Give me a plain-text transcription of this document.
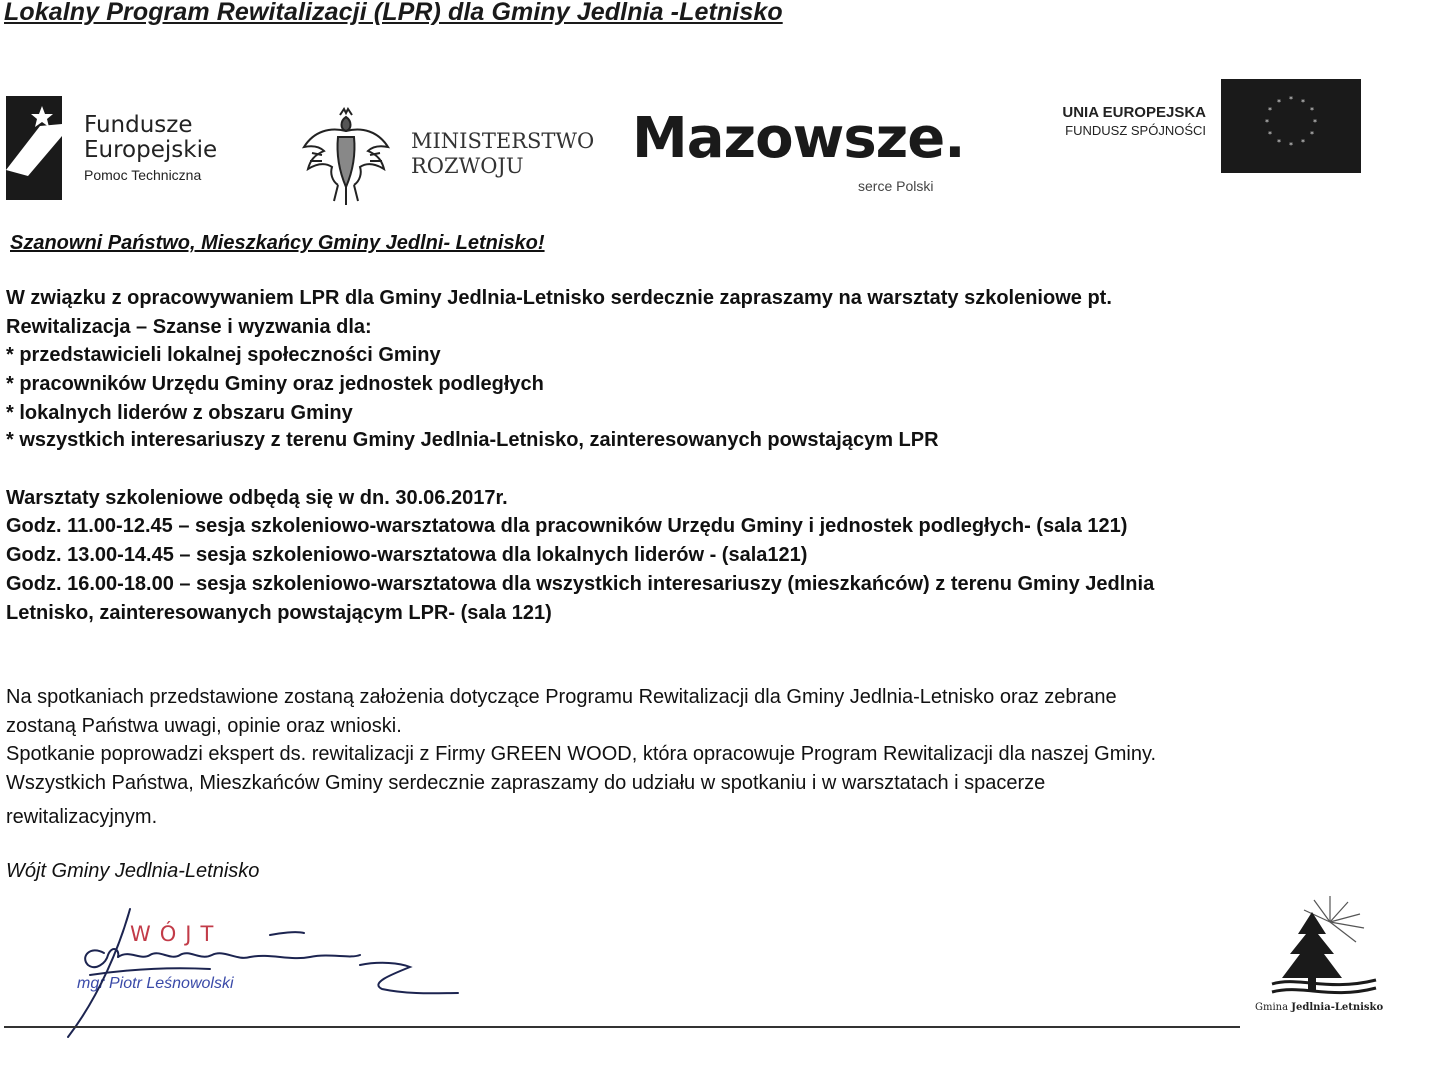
Lokalny Program Rewitalizacji (LPR) dla Gminy Jedlnia -Letnisko
Fundusze
Europejskie
Pomoc Techniczna
MINISTERSTWO
ROZWOJU	Mazowsze.
serce Polski
UNIA EUROPEJSKA
FUNDUSZ SPÓJNOŚCI
* *
*
*
*
*
*
*
*
*
*
*
Szanowni Państwo, Mieszkańcy Gminy Jedlni- Letnisko!
W związku z opracowywaniem LPR dla Gminy Jedlnia-Letnisko serdecznie zapraszamy na warsztaty szkoleniowe pt.
Rewitalizacja – Szanse i wyzwania dla:
* przedstawicieli lokalnej społeczności Gminy
* pracowników Urzędu Gminy oraz jednostek podległych
* lokalnych liderów z obszaru Gminy
* wszystkich interesariuszy z terenu Gminy Jedlnia-Letnisko, zainteresowanych powstającym LPR
Warsztaty szkoleniowe odbędą się w dn. 30.06.2017r.
Godz. 11.00-12.45 – sesja szkoleniowo-warsztatowa dla pracowników Urzędu Gminy i jednostek podległych- (sala 121)
Godz. 13.00-14.45 – sesja szkoleniowo-warsztatowa dla lokalnych liderów - (sala121)
Godz. 16.00-18.00 – sesja szkoleniowo-warsztatowa dla wszystkich interesariuszy (mieszkańców) z terenu Gminy Jedlnia
Letnisko, zainteresowanych powstającym LPR- (sala 121)
Na spotkaniach przedstawione zostaną założenia dotyczące Programu Rewitalizacji dla Gminy Jedlnia-Letnisko oraz zebrane
zostaną Państwa uwagi, opinie oraz wnioski.
Spotkanie poprowadzi ekspert ds. rewitalizacji z Firmy GREEN WOOD, która opracowuje Program Rewitalizacji dla naszej Gminy.
Wszystkich Państwa, Mieszkańców Gminy serdecznie zapraszamy do udziału w spotkaniu i w warsztatach i spacerze
rewitalizacyjnym.
Wójt Gminy Jedlnia-Letnisko
WÓJT
mgr Piotr Leśnowolski
Gmina Jedlnia-Letnisko
